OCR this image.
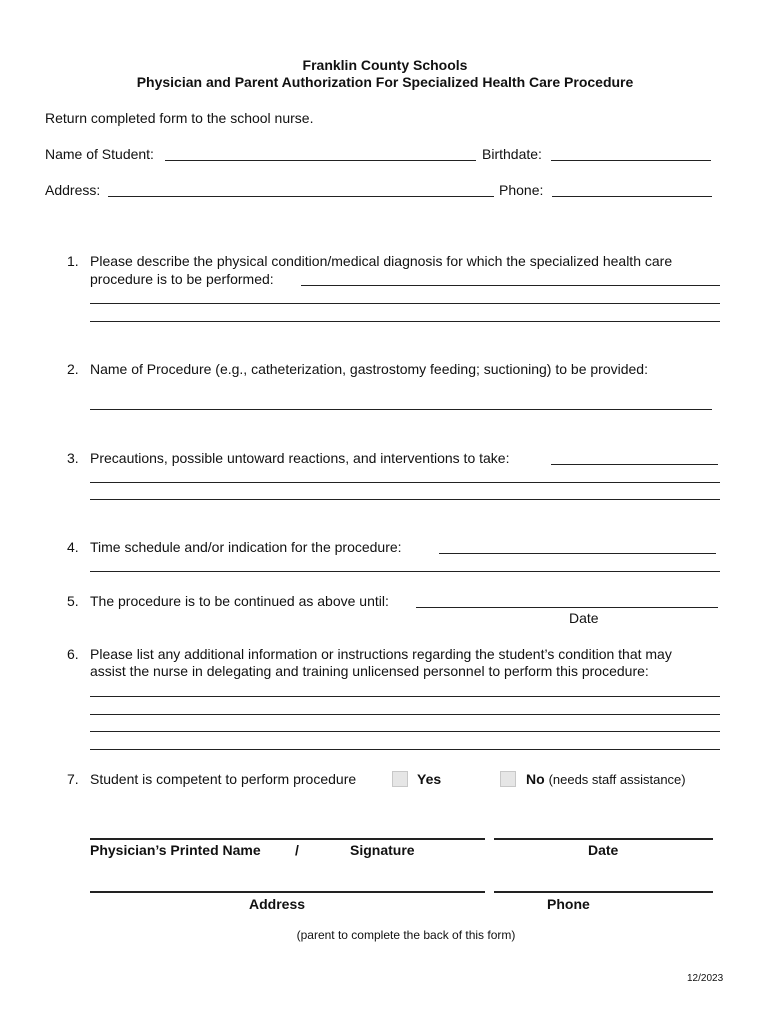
Franklin County Schools
Physician and Parent Authorization For Specialized Health Care Procedure
Return completed form to the school nurse.
Name of Student:	Birthdate:
Address:	Phone:
1. Please describe the physical condition/medical diagnosis for which the specialized health care
procedure is to be performed:
2. Name of Procedure (e.g., catheterization, gastrostomy feeding; suctioning) to be provided:
3. Precautions, possible untoward reactions, and interventions to take:
4. Time schedule and/or indication for the procedure:
5. The procedure is to be continued as above until:
Date
6. Please list any additional information or instructions regarding the student’s condition that may
assist the nurse in delegating and training unlicensed personnel to perform this procedure:
7. Student is competent to perform procedure	Yes	No (needs staff assistance)
Physician’s Printed Name /	Signature	Date
Address	Phone
(parent to complete the back of this form)
12/2023
